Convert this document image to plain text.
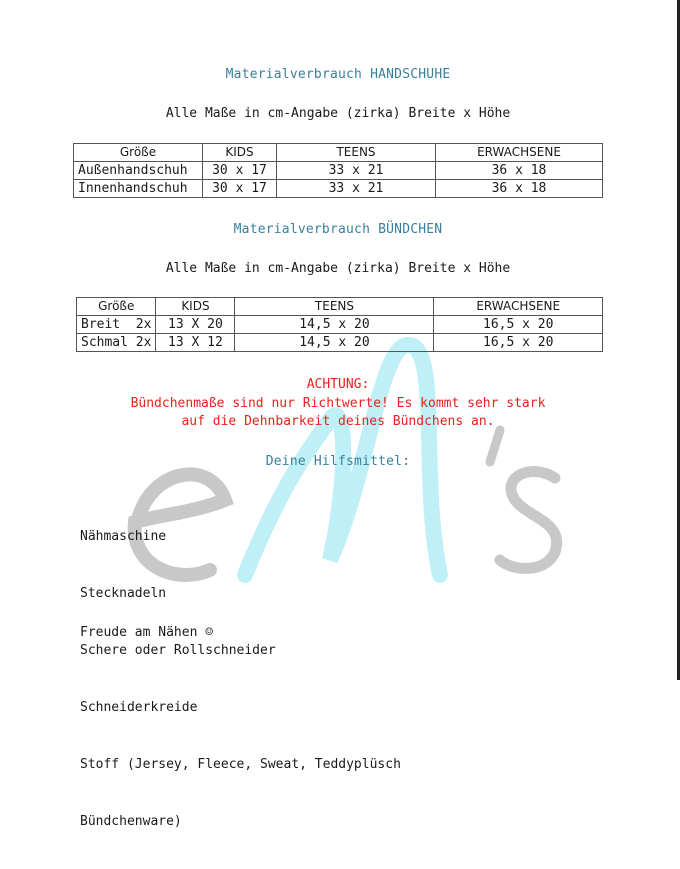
Materialverbrauch HANDSCHUHE
Alle Maße in cm-Angabe (zirka) Breite x Höhe
Größe	KIDS	TEENS	ERWACHSENE
Außenhandschuh	30 x 17	33 x 21	36 x 18
Innenhandschuh	30 x 17	33 x 21	36 x 18
Materialverbrauch BÜNDCHEN
Alle Maße in cm-Angabe (zirka) Breite x Höhe
Größe	KIDS	TEENS	ERWACHSENE
Breit  2x	13 X 20	14,5 x 20	16,5 x 20
Schmal 2x	13 X 12	14,5 x 20	16,5 x 20
ACHTUNG:
Bündchenmaße sind nur Richtwerte! Es kommt sehr stark
auf die Dehnbarkeit deines Bündchens an.
Deine Hilfsmittel:

Nähmaschine

Stecknadeln

Schere oder Rollschneider

Schneiderkreide

Stoff (Jersey, Fleece, Sweat, Teddyplüsch

Bündchenware)

Freude am Nähen ☺
